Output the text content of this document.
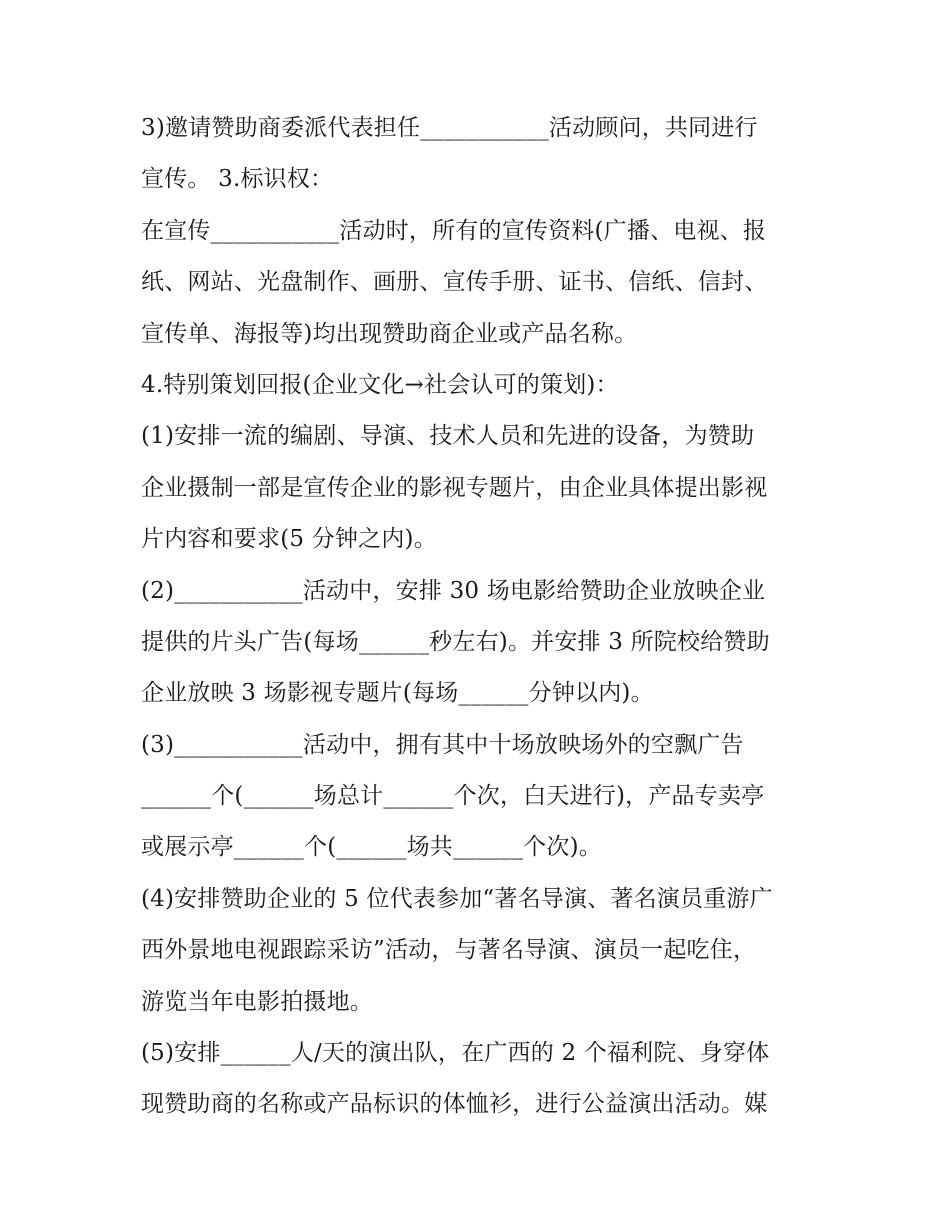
3)邀请赞助商委派代表担任___________活动顾问，共同进行
宣传。 3.标识权：
在宣传___________活动时，所有的宣传资料(广播、电视、报
纸、网站、光盘制作、画册、宣传手册、证书、信纸、信封、
宣传单、海报等)均出现赞助商企业或产品名称。
4.特别策划回报(企业文化→社会认可的策划)：
(1)安排一流的编剧、导演、技术人员和先进的设备，为赞助
企业摄制一部是宣传企业的影视专题片，由企业具体提出影视
片内容和要求(5 分钟之内)。
(2)___________活动中，安排 30 场电影给赞助企业放映企业
提供的片头广告(每场______秒左右)。并安排 3 所院校给赞助
企业放映 3 场影视专题片(每场______分钟以内)。
(3)___________活动中，拥有其中十场放映场外的空飘广告
______个(______场总计______个次，白天进行)，产品专卖亭
或展示亭______个(______场共______个次)。
(4)安排赞助企业的 5 位代表参加“著名导演、著名演员重游广
西外景地电视跟踪采访”活动，与著名导演、演员一起吃住，
游览当年电影拍摄地。
(5)安排______人/天的演出队，在广西的 2 个福利院、身穿体
现赞助商的名称或产品标识的体恤衫，进行公益演出活动。媒
